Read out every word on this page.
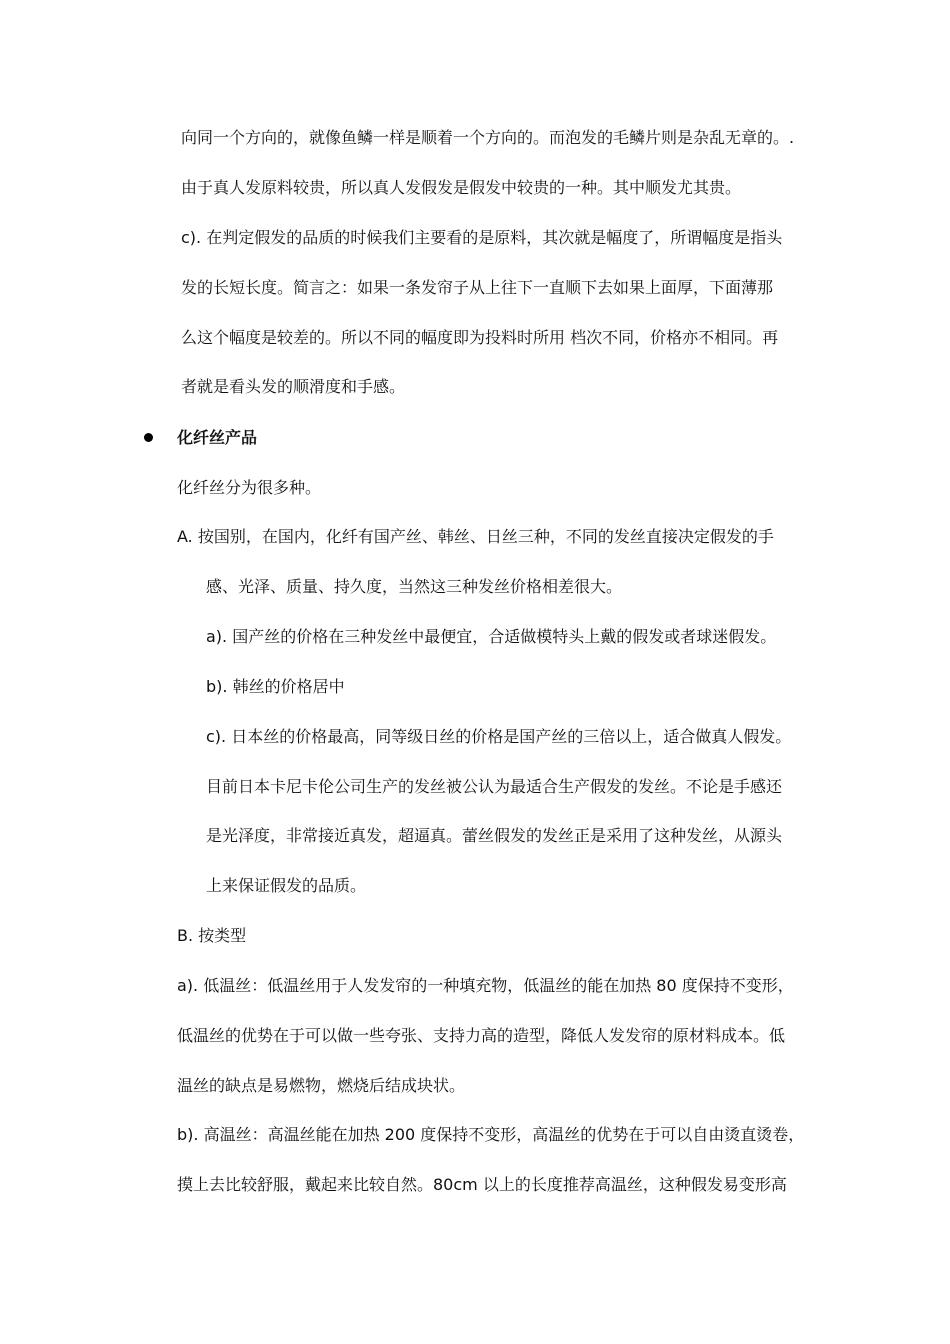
向同一个方向的，就像鱼鳞一样是顺着一个方向的。而泡发的毛鳞片则是杂乱无章的。.
由于真人发原料较贵，所以真人发假发是假发中较贵的一种。其中顺发尤其贵。
c). 在判定假发的品质的时候我们主要看的是原料，其次就是幅度了，所谓幅度是指头
发的长短长度。简言之：如果一条发帘子从上往下一直顺下去如果上面厚，下面薄那
么这个幅度是较差的。所以不同的幅度即为投料时所用 档次不同，价格亦不相同。再
者就是看头发的顺滑度和手感。
化纤丝产品
化纤丝分为很多种。
A. 按国别，在国内，化纤有国产丝、韩丝、日丝三种，不同的发丝直接决定假发的手
感、光泽、质量、持久度，当然这三种发丝价格相差很大。
a). 国产丝的价格在三种发丝中最便宜，合适做模特头上戴的假发或者球迷假发。
b). 韩丝的价格居中
c). 日本丝的价格最高，同等级日丝的价格是国产丝的三倍以上，适合做真人假发。
目前日本卡尼卡伦公司生产的发丝被公认为最适合生产假发的发丝。不论是手感还
是光泽度，非常接近真发，超逼真。蕾丝假发的发丝正是采用了这种发丝，从源头
上来保证假发的品质。
B. 按类型
a). 低温丝：低温丝用于人发发帘的一种填充物，低温丝的能在加热 80 度保持不变形，
低温丝的优势在于可以做一些夸张、支持力高的造型，降低人发发帘的原材料成本。低
温丝的缺点是易燃物，燃烧后结成块状。
b). 高温丝：高温丝能在加热 200 度保持不变形，高温丝的优势在于可以自由烫直烫卷，
摸上去比较舒服，戴起来比较自然。80cm 以上的长度推荐高温丝，这种假发易变形高
